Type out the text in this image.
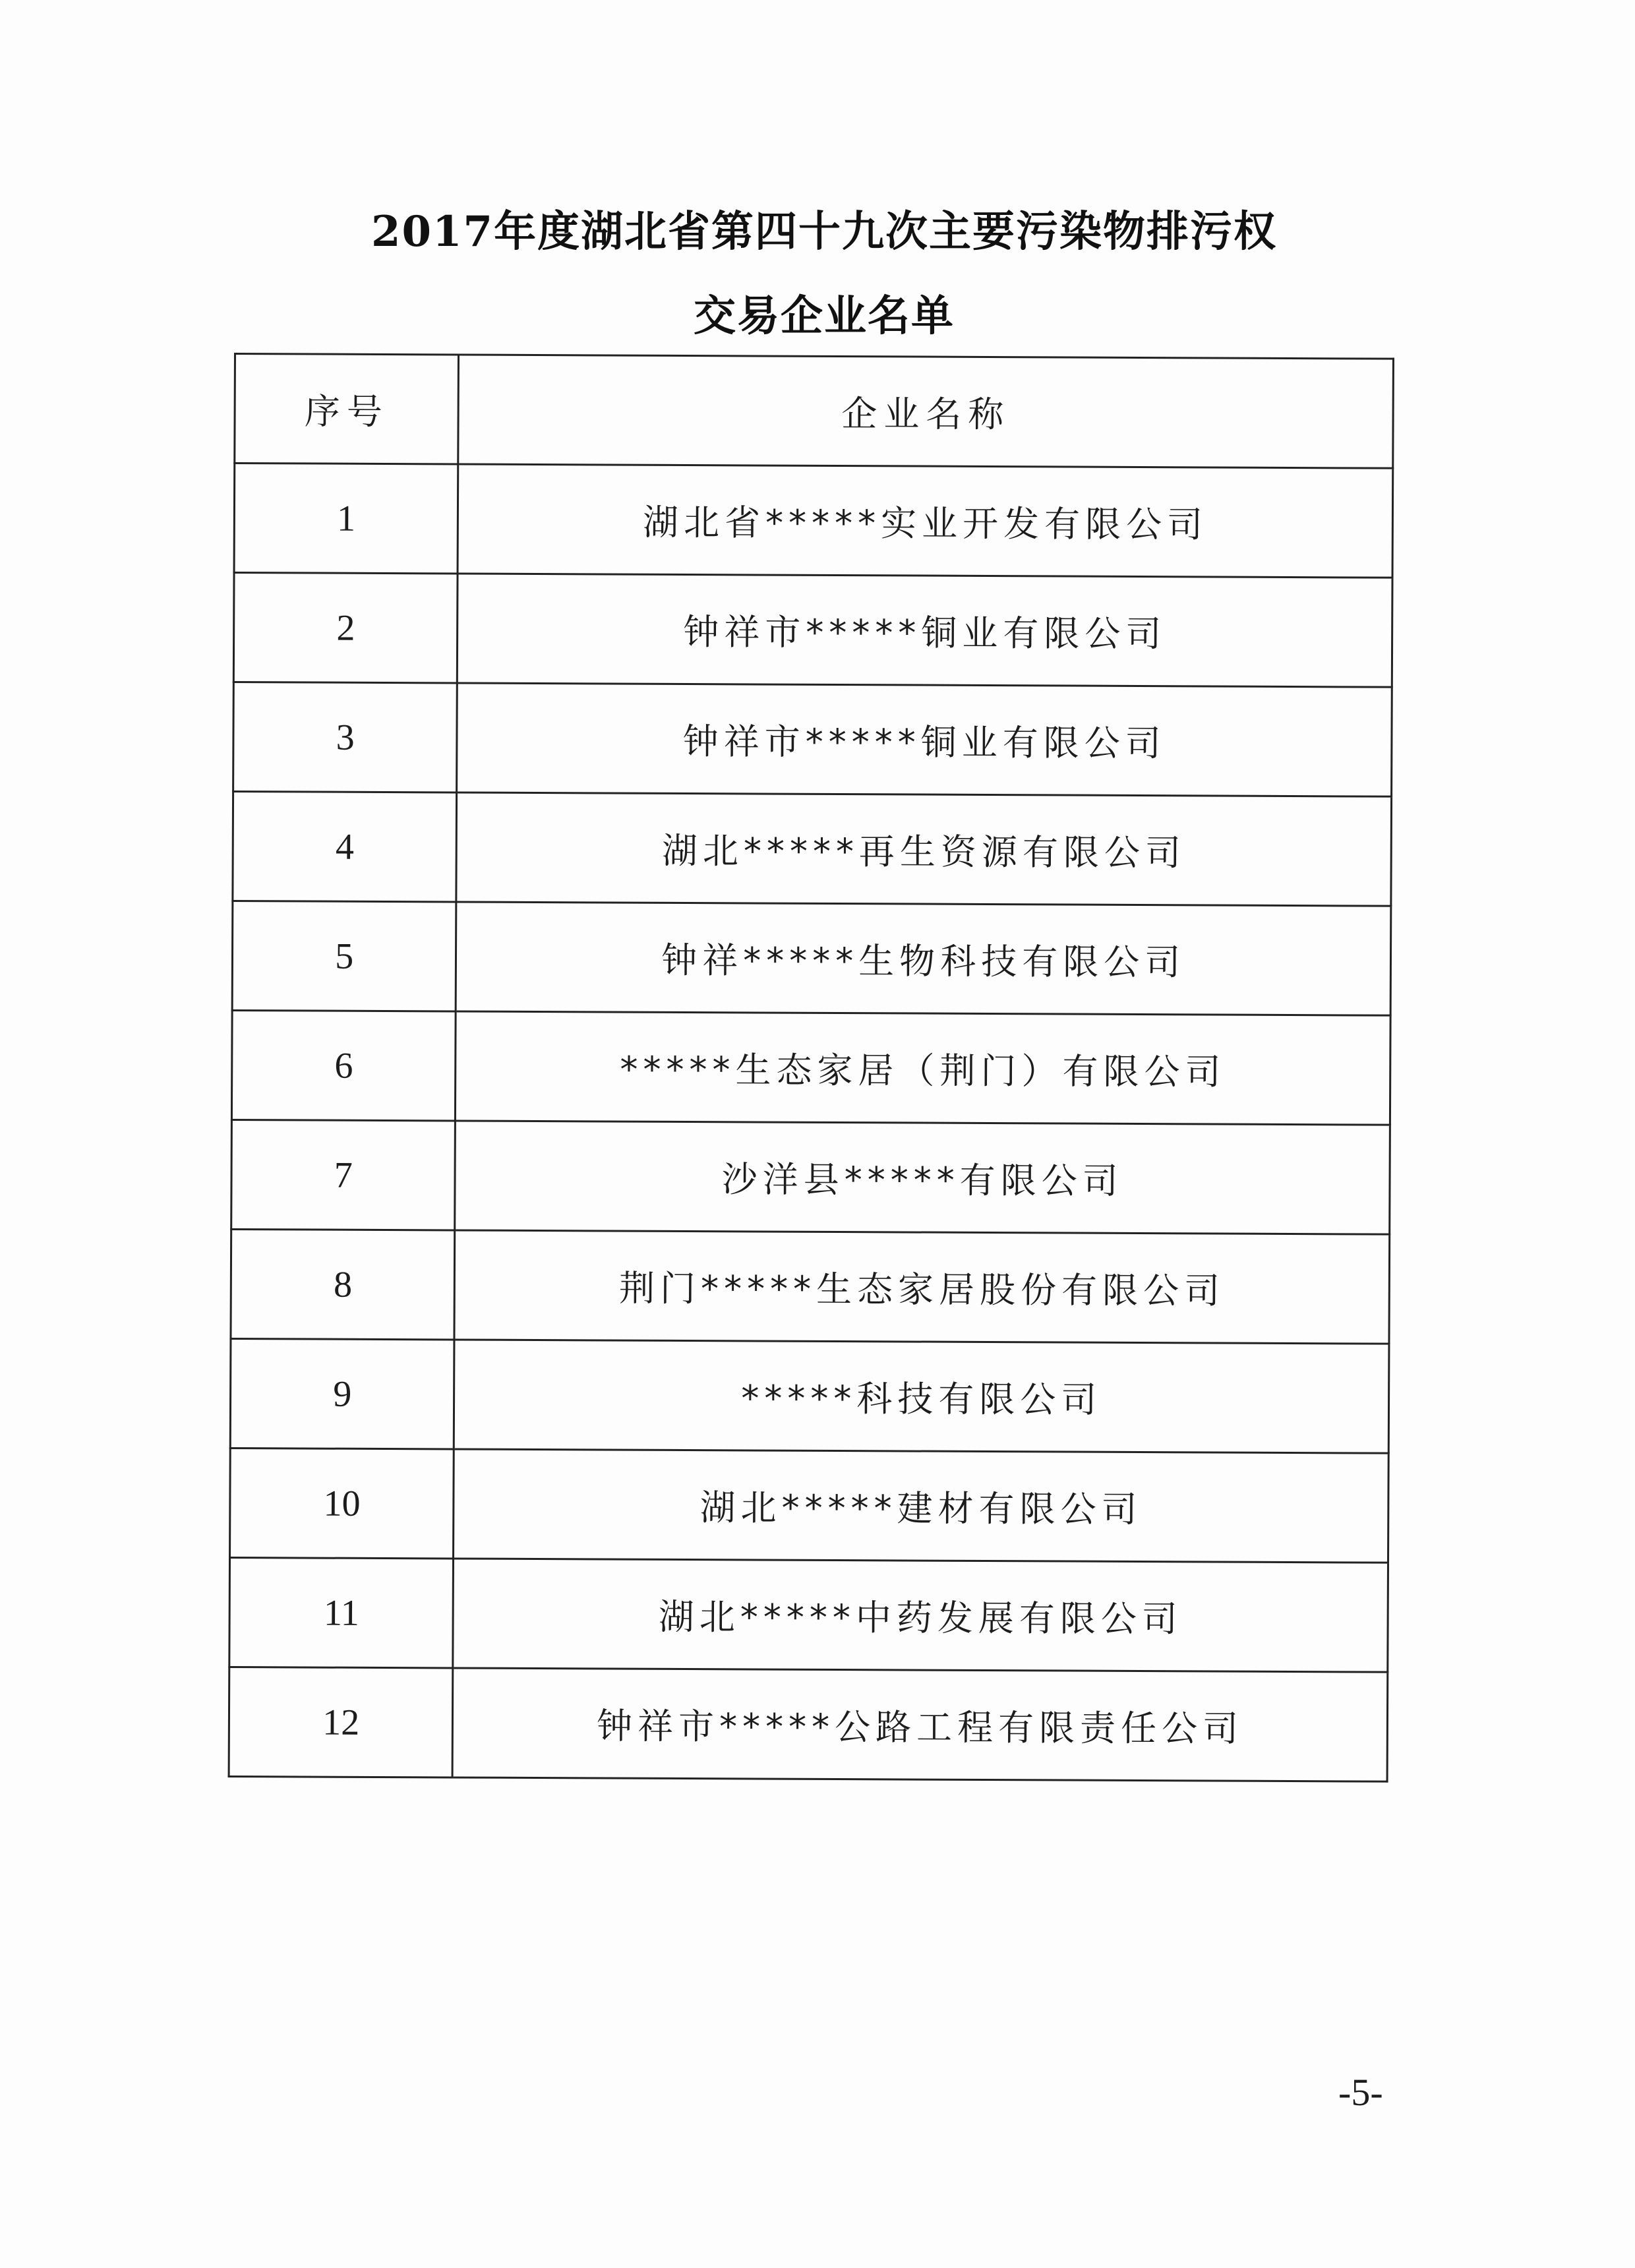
2017年度湖北省第四十九次主要污染物排污权
交易企业名单
序号	企业名称
1	湖北省*****实业开发有限公司
2	钟祥市*****铜业有限公司
3	钟祥市*****铜业有限公司
4	湖北*****再生资源有限公司
5	钟祥*****生物科技有限公司
6	*****生态家居（荆门）有限公司
7	沙洋县*****有限公司
8	荆门*****生态家居股份有限公司
9	*****科技有限公司
10	湖北*****建材有限公司
11	湖北*****中药发展有限公司
12	钟祥市*****公路工程有限责任公司
-5-
